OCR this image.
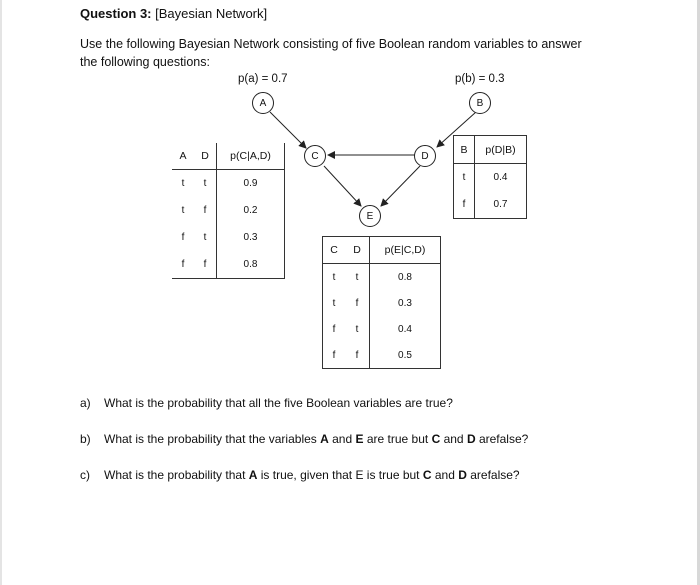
Question 3: [Bayesian Network]
Use the following Bayesian Network consisting of five Boolean random variables to answer the following questions:
p(a) = 0.7	p(b) = 0.3
A	B
C	D
E
A	D	p(C|A,D)
t	t	0.9
t	f	0.2
f	t	0.3
f	f	0.8
B	p(D|B)
t	0.4
f	0.7
C	D	p(E|C,D)
t	t	0.8
t	f	0.3
f	t	0.4
f	f	0.5
a) What is the probability that all the five Boolean variables are true?
b) What is the probability that the variables A and E are true but C and D arefalse?
c) What is the probability that A is true, given that E is true but C and D arefalse?
